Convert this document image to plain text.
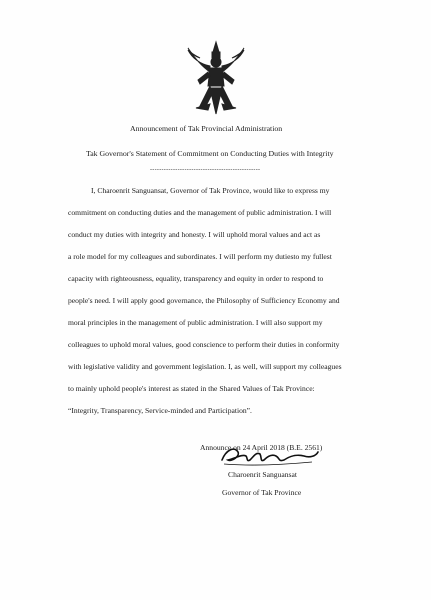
Announcement of Tak Provincial Administration
Tak Governor's Statement of Commitment on Conducting Duties with Integrity
------------------------------------------------
I, Charoenrit Sanguansat, Governor of Tak Province, would like to express my
commitment on conducting duties and the management of public administration. I will
conduct my duties with integrity and honesty. I will uphold moral values and act as
a role model for my colleagues and subordinates. I will perform my dutiesto my fullest
capacity with righteousness, equality, transparency and equity in order to respond to
people's need. I will apply good governance, the Philosophy of Sufficiency Economy and
moral principles in the management of public administration. I will also support my
colleagues to uphold moral values, good conscience to perform their duties in conformity
with legislative validity and government legislation. I, as well, will support my colleagues
to mainly uphold people's interest as stated in the Shared Values of Tak Province:
“Integrity, Transparency, Service-minded and Participation”.
Announce on 24 April 2018 (B.E. 2561)
Charoenrit Sanguansat
Governor of Tak Province
